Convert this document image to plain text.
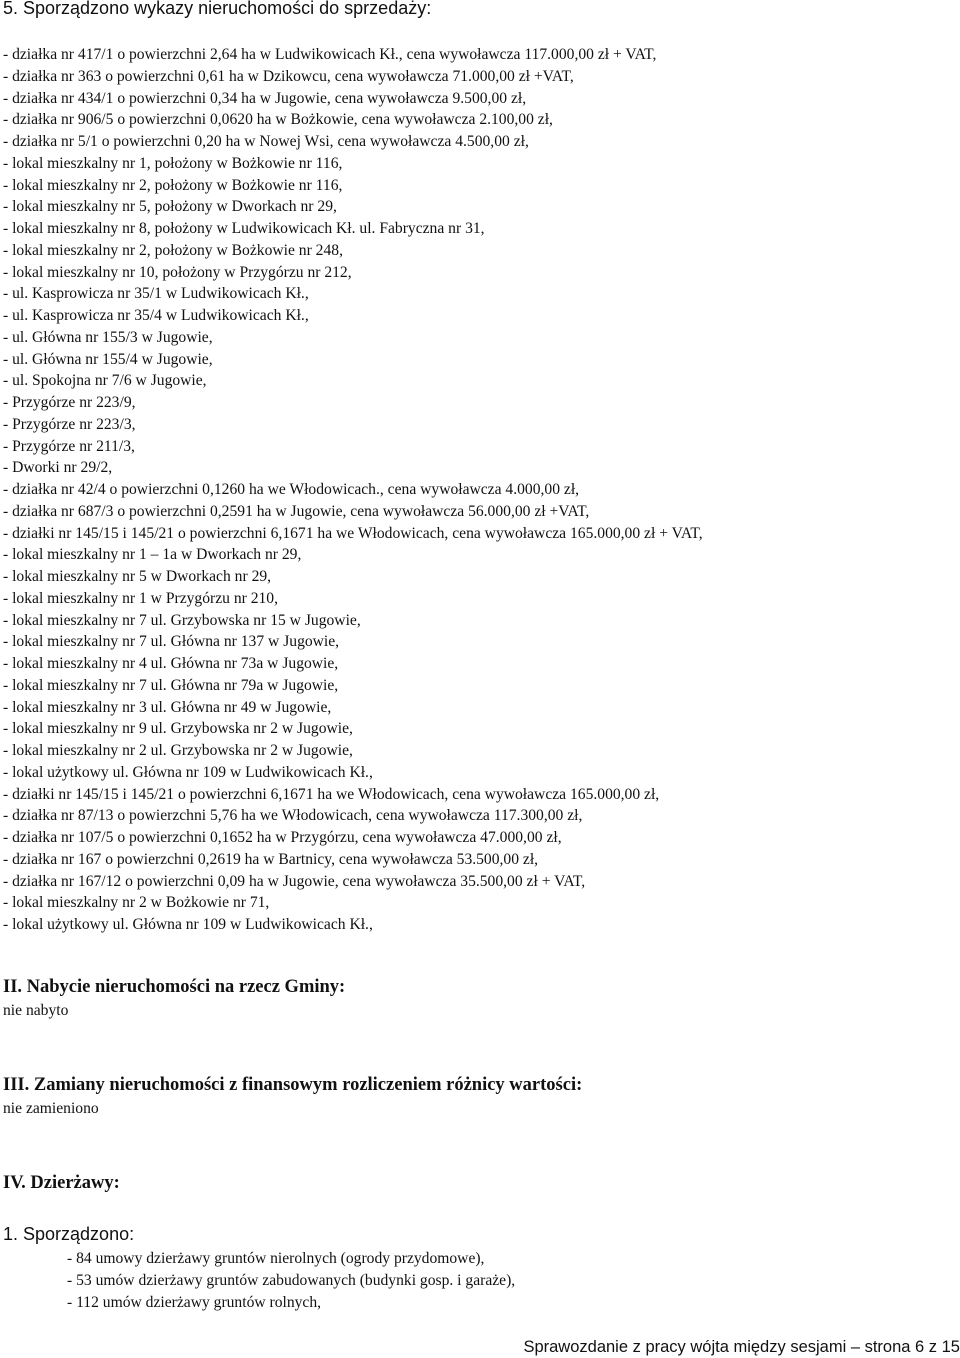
5. Sporządzono wykazy nieruchomości do sprzedaży:
- działka nr 417/1 o powierzchni 2,64 ha w Ludwikowicach Kł., cena wywoławcza 117.000,00 zł + VAT,
- działka nr 363 o powierzchni 0,61 ha w Dzikowcu, cena wywoławcza 71.000,00 zł +VAT,
- działka nr 434/1 o powierzchni 0,34 ha w Jugowie, cena wywoławcza 9.500,00 zł,
- działka nr 906/5 o powierzchni 0,0620 ha w Bożkowie, cena wywoławcza 2.100,00 zł,
- działka nr 5/1 o powierzchni 0,20 ha w Nowej Wsi, cena wywoławcza 4.500,00 zł,
- lokal mieszkalny nr 1, położony w Bożkowie nr 116,
- lokal mieszkalny nr 2, położony w Bożkowie nr 116,
- lokal mieszkalny nr 5, położony w Dworkach nr 29,
- lokal mieszkalny nr 8, położony w Ludwikowicach Kł. ul. Fabryczna nr 31,
- lokal mieszkalny nr 2, położony w Bożkowie nr 248,
- lokal mieszkalny nr 10, położony w Przygórzu nr 212,
- ul. Kasprowicza nr 35/1 w Ludwikowicach Kł.,
- ul. Kasprowicza nr 35/4 w Ludwikowicach Kł.,
- ul. Główna nr 155/3 w Jugowie,
- ul. Główna nr 155/4 w Jugowie,
- ul. Spokojna nr 7/6 w Jugowie,
- Przygórze nr 223/9,
- Przygórze nr 223/3,
- Przygórze nr 211/3,
- Dworki nr 29/2,
- działka nr 42/4 o powierzchni 0,1260 ha we Włodowicach., cena wywoławcza 4.000,00 zł,
- działka nr 687/3 o powierzchni 0,2591 ha w Jugowie, cena wywoławcza 56.000,00 zł +VAT,
- działki nr 145/15 i 145/21 o powierzchni 6,1671 ha we Włodowicach, cena wywoławcza 165.000,00 zł + VAT,
- lokal mieszkalny nr 1 – 1a w Dworkach nr 29,
- lokal mieszkalny nr 5 w Dworkach nr 29,
- lokal mieszkalny nr 1 w Przygórzu nr 210,
- lokal mieszkalny nr 7 ul. Grzybowska nr 15 w Jugowie,
- lokal mieszkalny nr 7 ul. Główna nr 137 w Jugowie,
- lokal mieszkalny nr 4 ul. Główna nr 73a w Jugowie,
- lokal mieszkalny nr 7 ul. Główna nr 79a w Jugowie,
- lokal mieszkalny nr 3 ul. Główna nr 49 w Jugowie,
- lokal mieszkalny nr 9 ul. Grzybowska nr 2 w Jugowie,
- lokal mieszkalny nr 2 ul. Grzybowska nr 2 w Jugowie,
- lokal użytkowy ul. Główna nr 109 w Ludwikowicach Kł.,
- działki nr 145/15 i 145/21 o powierzchni 6,1671 ha we Włodowicach, cena wywoławcza 165.000,00 zł,
- działka nr 87/13 o powierzchni 5,76 ha we Włodowicach, cena wywoławcza 117.300,00 zł,
- działka nr 107/5 o powierzchni 0,1652 ha w Przygórzu, cena wywoławcza 47.000,00 zł,
- działka nr 167 o powierzchni 0,2619 ha w Bartnicy, cena wywoławcza 53.500,00 zł,
- działka nr 167/12 o powierzchni 0,09 ha w Jugowie, cena wywoławcza 35.500,00 zł + VAT,
- lokal mieszkalny nr 2 w Bożkowie nr 71,
- lokal użytkowy ul. Główna nr 109 w Ludwikowicach Kł.,
II. Nabycie nieruchomości na rzecz Gminy:
nie nabyto
III. Zamiany nieruchomości z finansowym rozliczeniem różnicy wartości:
nie zamieniono
IV. Dzierżawy:
1. Sporządzono:
- 84 umowy dzierżawy gruntów nierolnych (ogrody przydomowe),
- 53 umów dzierżawy gruntów zabudowanych (budynki gosp. i garaże),
- 112 umów dzierżawy gruntów rolnych,
Sprawozdanie z pracy wójta między sesjami – strona 6 z 15
